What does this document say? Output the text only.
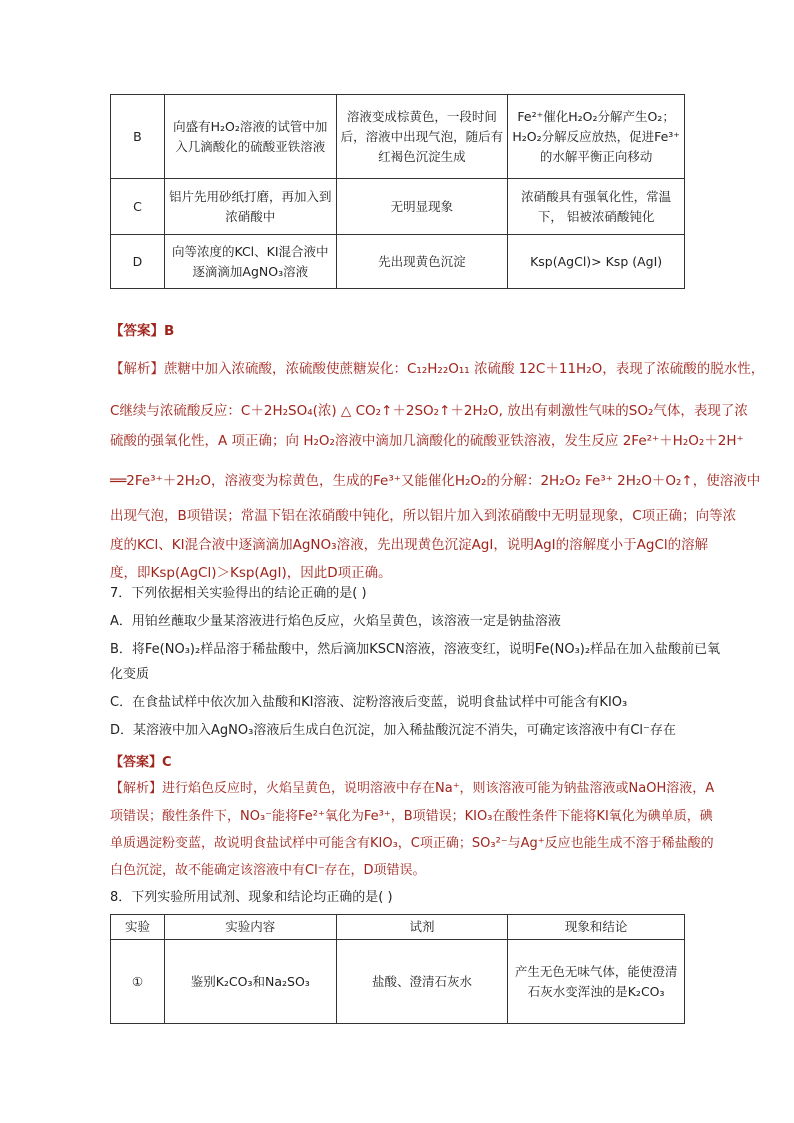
B	向盛有H₂O₂溶液的试管中加入几滴酸化的硫酸亚铁溶液	溶液变成棕黄色，一段时间后，溶液中出现气泡，随后有红褐色沉淀生成	Fe²⁺催化H₂O₂分解产生O₂；H₂O₂分解反应放热，促进Fe³⁺的水解平衡正向移动
C	铝片先用砂纸打磨，再加入到浓硝酸中	无明显现象	浓硝酸具有强氧化性，常温下， 铝被浓硝酸钝化
D	向等浓度的KCl、KI混合液中逐滴滴加AgNO₃溶液	先出现黄色沉淀	Ksp(AgCl)> Ksp (AgI)
【答案】B
【解析】蔗糖中加入浓硫酸，浓硫酸使蔗糖炭化：C₁₂H₂₂O₁₁ 浓硫酸 12C＋11H₂O，表现了浓硫酸的脱水性，
C继续与浓硫酸反应：C＋2H₂SO₄(浓) △ CO₂↑＋2SO₂↑＋2H₂O, 放出有刺激性气味的SO₂气体，表现了浓
硫酸的强氧化性，A 项正确；向 H₂O₂溶液中滴加几滴酸化的硫酸亚铁溶液，发生反应 2Fe²⁺＋H₂O₂＋2H⁺
══2Fe³⁺＋2H₂O，溶液变为棕黄色，生成的Fe³⁺又能催化H₂O₂的分解：2H₂O₂ Fe³⁺ 2H₂O＋O₂↑，使溶液中
出现气泡，B项错误；常温下铝在浓硝酸中钝化，所以铝片加入到浓硝酸中无明显现象，C项正确；向等浓
度的KCl、KI混合液中逐滴滴加AgNO₃溶液，先出现黄色沉淀AgI，说明AgI的溶解度小于AgCl的溶解
度，即Ksp(AgCl)＞Ksp(AgI)，因此D项正确。
7．下列依据相关实验得出的结论正确的是( )
A．用铂丝蘸取少量某溶液进行焰色反应，火焰呈黄色，该溶液一定是钠盐溶液
B．将Fe(NO₃)₂样品溶于稀盐酸中，然后滴加KSCN溶液，溶液变红，说明Fe(NO₃)₂样品在加入盐酸前已氧
化变质
C．在食盐试样中依次加入盐酸和KI溶液、淀粉溶液后变蓝，说明食盐试样中可能含有KIO₃
D．某溶液中加入AgNO₃溶液后生成白色沉淀，加入稀盐酸沉淀不消失，可确定该溶液中有Cl⁻存在
【答案】C
【解析】进行焰色反应时，火焰呈黄色，说明溶液中存在Na⁺，则该溶液可能为钠盐溶液或NaOH溶液，A
项错误；酸性条件下，NO₃⁻能将Fe²⁺氧化为Fe³⁺，B项错误；KIO₃在酸性条件下能将KI氧化为碘单质，碘
单质遇淀粉变蓝，故说明食盐试样中可能含有KIO₃，C项正确；SO₃²⁻与Ag⁺反应也能生成不溶于稀盐酸的
白色沉淀，故不能确定该溶液中有Cl⁻存在，D项错误。
8．下列实验所用试剂、现象和结论均正确的是( )
实验	实验内容	试剂	现象和结论
①	鉴别K₂CO₃和Na₂SO₃	盐酸、澄清石灰水	产生无色无味气体，能使澄清石灰水变浑浊的是K₂CO₃
